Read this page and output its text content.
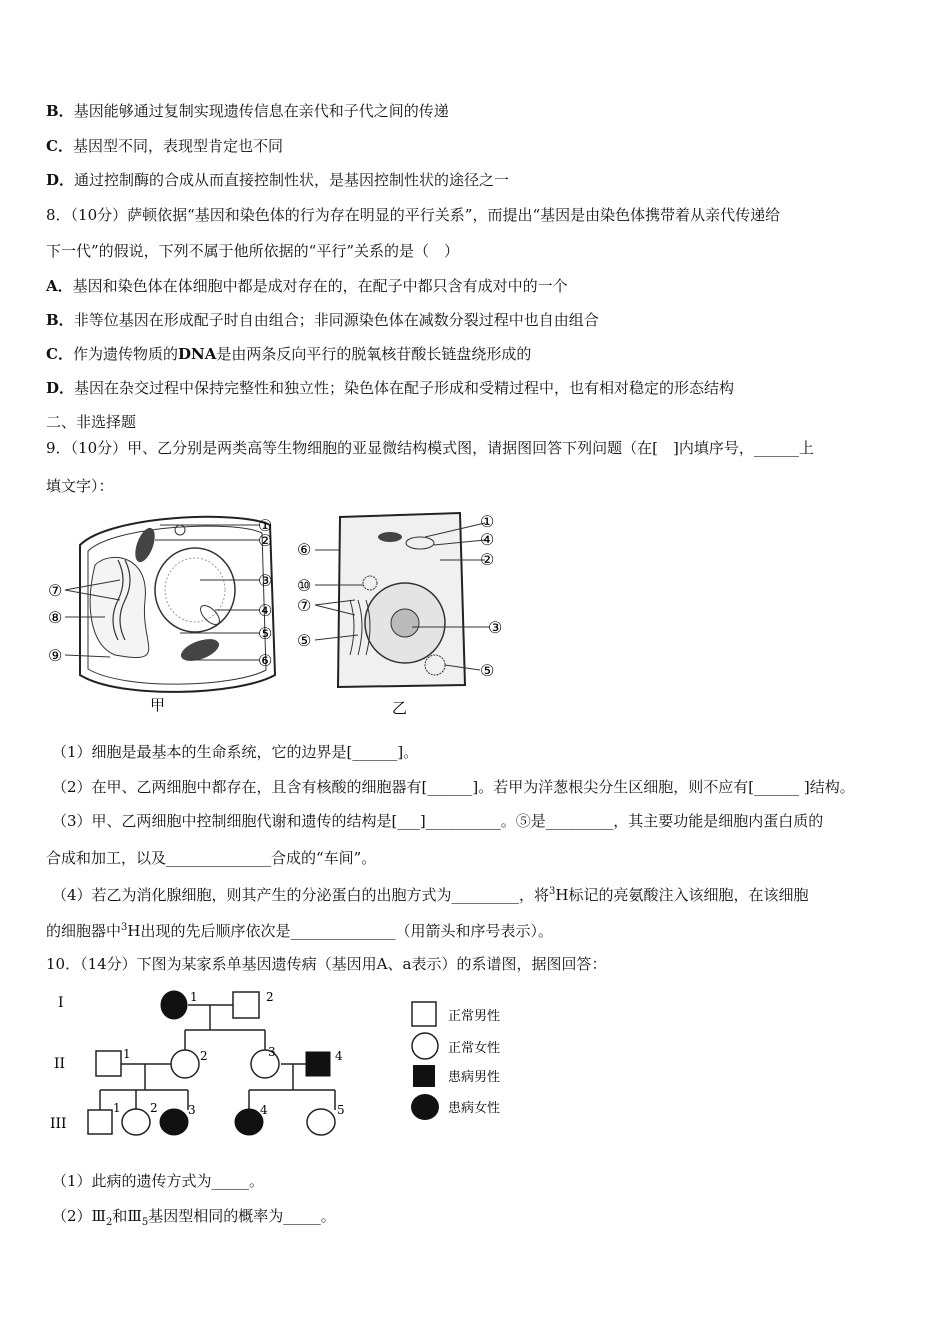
B．基因能够通过复制实现遗传信息在亲代和子代之间的传递
C．基因型不同，表现型肯定也不同
D．通过控制酶的合成从而直接控制性状，是基因控制性状的途径之一
8．（10分）萨顿依据“基因和染色体的行为存在明显的平行关系”，而提出“基因是由染色体携带着从亲代传递给
下一代”的假说，下列不属于他所依据的“平行”关系的是（　）
A．基因和染色体在体细胞中都是成对存在的，在配子中都只含有成对中的一个
B．非等位基因在形成配子时自由组合；非同源染色体在减数分裂过程中也自由组合
C．作为遗传物质的DNA是由两条反向平行的脱氧核苷酸长链盘绕形成的
D．基因在杂交过程中保持完整性和独立性；染色体在配子形成和受精过程中，也有相对稳定的形态结构
二、非选择题
9．（10分）甲、乙分别是两类高等生物细胞的亚显微结构模式图，请据图回答下列问题（在[　]内填序号，______上
填文字）：
①
②
③
④
⑤
⑥
⑦
⑧
⑨
甲
①
④
②
⑥
⑩
⑦
③
⑤
⑤
乙
（1）细胞是最基本的生命系统，它的边界是[______]。
（2）在甲、乙两细胞中都存在，且含有核酸的细胞器有[______]。若甲为洋葱根尖分生区细胞，则不应有[______ ]结构。
（3）甲、乙两细胞中控制细胞代谢和遗传的结构是[___]__________。⑤是_________，其主要功能是细胞内蛋白质的
合成和加工，以及______________合成的“车间”。
（4）若乙为消化腺细胞，则其产生的分泌蛋白的出胞方式为_________，将$^3$H标记的亮氨酸注入该细胞，在该细胞
的细胞器中$^3$H出现的先后顺序依次是______________（用箭头和序号表示）。
10．（14分）下图为某家系单基因遗传病（基因用A、a表示）的系谱图，据图回答：
I
II
III
1	2
1	2	3	4
1 2	3	4	5
正常男性
正常女性
患病男性
患病女性
（1）此病的遗传方式为_____。
$(2)Ⅲ_2$和$Ⅲ_5$基因型相同的概率为_____。
